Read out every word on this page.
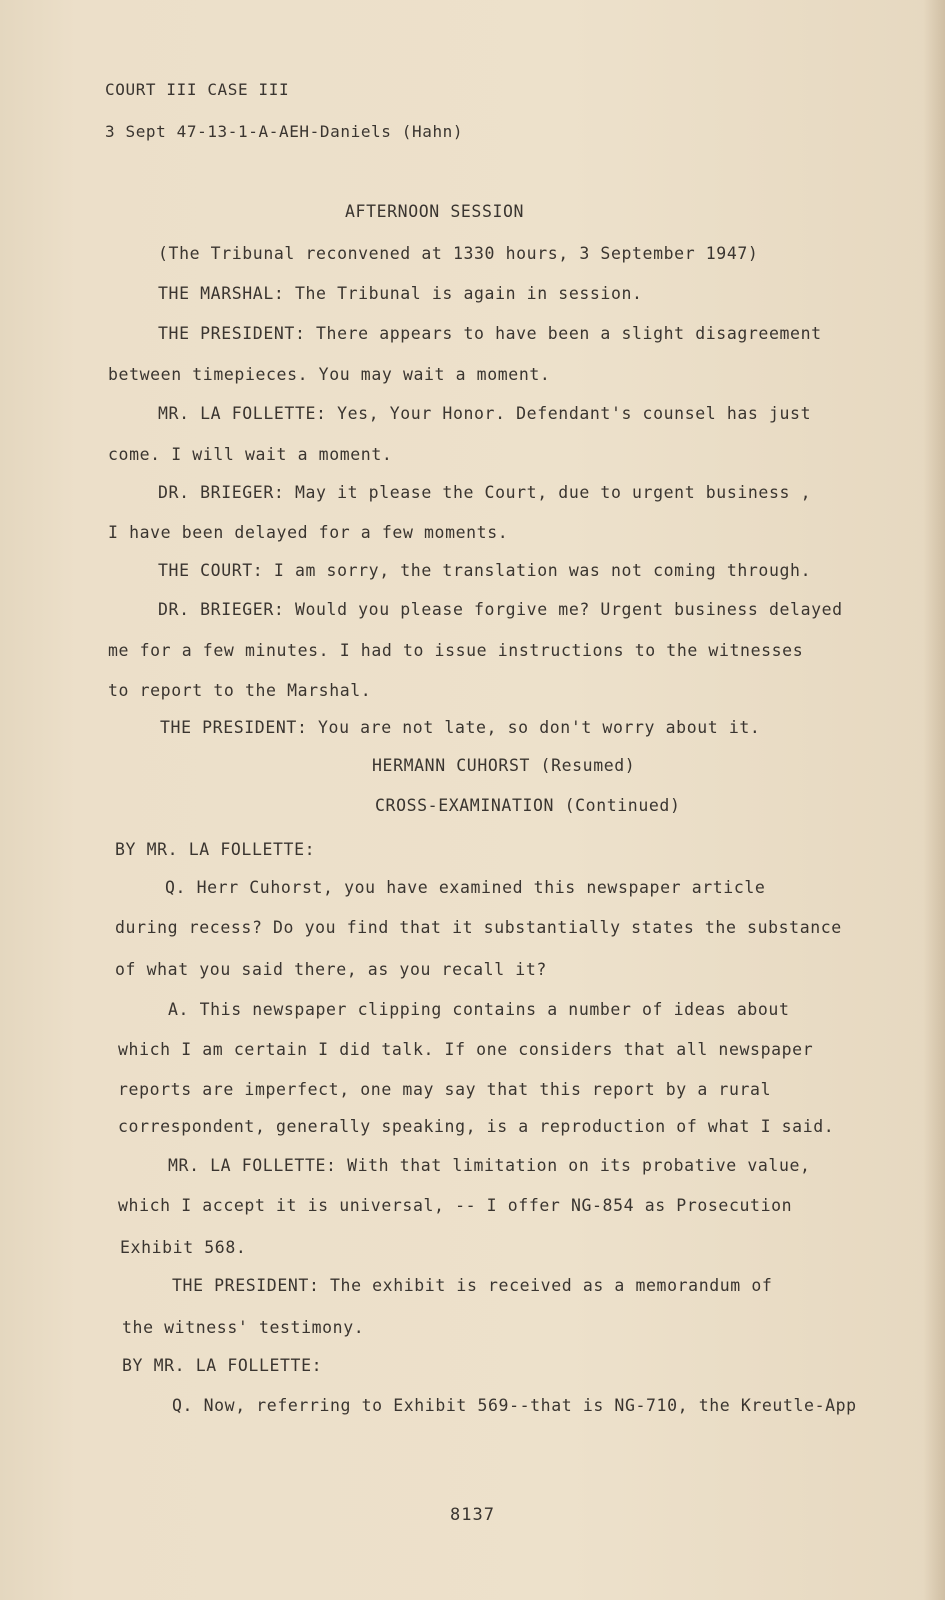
COURT III CASE III
3 Sept 47-13-1-A-AEH-Daniels (Hahn)
AFTERNOON SESSION
(The Tribunal reconvened at 1330 hours, 3 September 1947)
THE MARSHAL: The Tribunal is again in session.
THE PRESIDENT: There appears to have been a slight disagreement
between timepieces. You may wait a moment.
MR. LA FOLLETTE: Yes, Your Honor. Defendant's counsel has just
come. I will wait a moment.
DR. BRIEGER: May it please the Court, due to urgent business ,
I have been delayed for a few moments.
THE COURT: I am sorry, the translation was not coming through.
DR. BRIEGER: Would you please forgive me? Urgent business delayed
me for a few minutes. I had to issue instructions to the witnesses
to report to the Marshal.
THE PRESIDENT: You are not late, so don't worry about it.
HERMANN CUHORST (Resumed)
CROSS-EXAMINATION (Continued)
BY MR. LA FOLLETTE:
Q. Herr Cuhorst, you have examined this newspaper article
during recess? Do you find that it substantially states the substance
of what you said there, as you recall it?
A. This newspaper clipping contains a number of ideas about
which I am certain I did talk. If one considers that all newspaper
reports are imperfect, one may say that this report by a rural
correspondent, generally speaking, is a reproduction of what I said.
MR. LA FOLLETTE: With that limitation on its probative value,
which I accept it is universal, -- I offer NG-854 as Prosecution
Exhibit 568.
THE PRESIDENT: The exhibit is received as a memorandum of
the witness' testimony.
BY MR. LA FOLLETTE:
Q. Now, referring to Exhibit 569--that is NG-710, the Kreutle-App
8137
